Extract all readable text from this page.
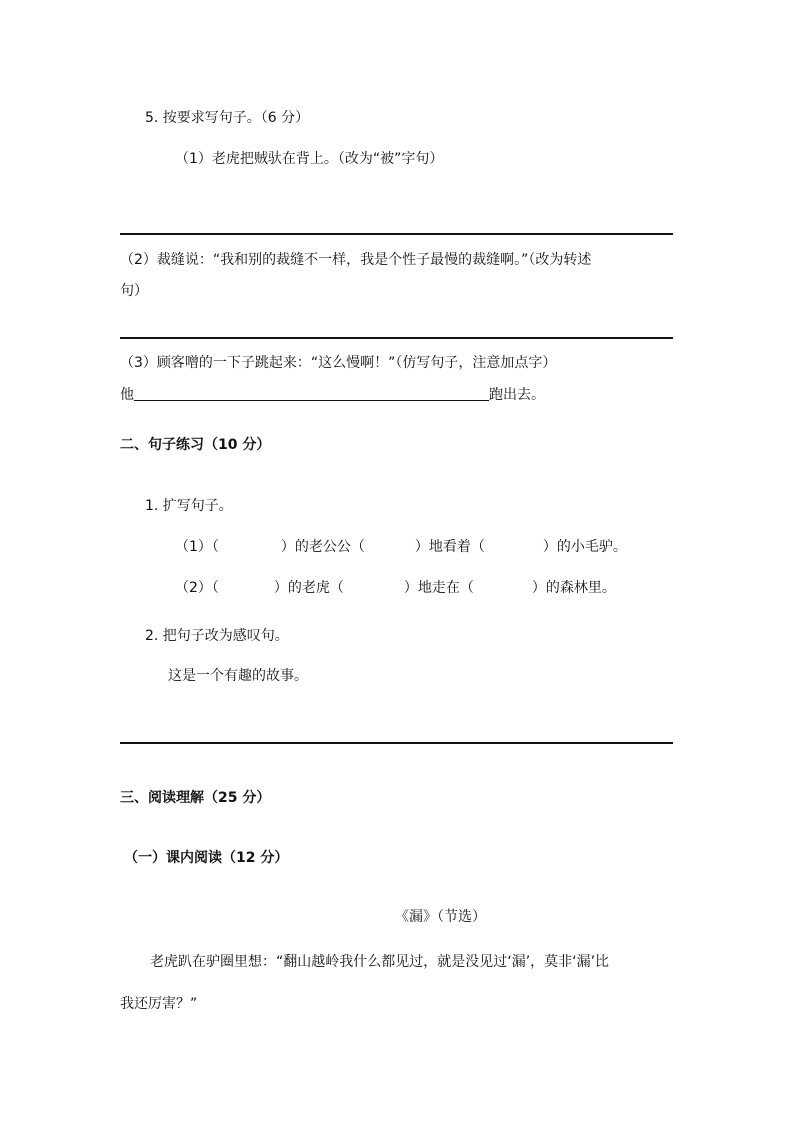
5. 按要求写句子。（6 分）
（1）老虎把贼驮在背上。（改为“被”字句）
（2）裁缝说：“我和别的裁缝不一样，我是个性子最慢的裁缝啊。”（改为转述
句）
（3）顾客噌的一下子跳起来：“这么慢啊！”（仿写句子，注意加点字）
他	跑出去。
二、句子练习（10 分）
1. 扩写句子。
（1）（	）的老公公（	）地看着（	）的小毛驴。
（2）（	）的老虎（	）地走在（	）的森林里。
2. 把句子改为感叹句。
这是一个有趣的故事。
三、阅读理解（25 分）
（一）课内阅读（12 分）
《漏》（节选）
老虎趴在驴圈里想：“翻山越岭我什么都见过，就是没见过‘漏’，莫非‘漏’比
我还厉害？”
